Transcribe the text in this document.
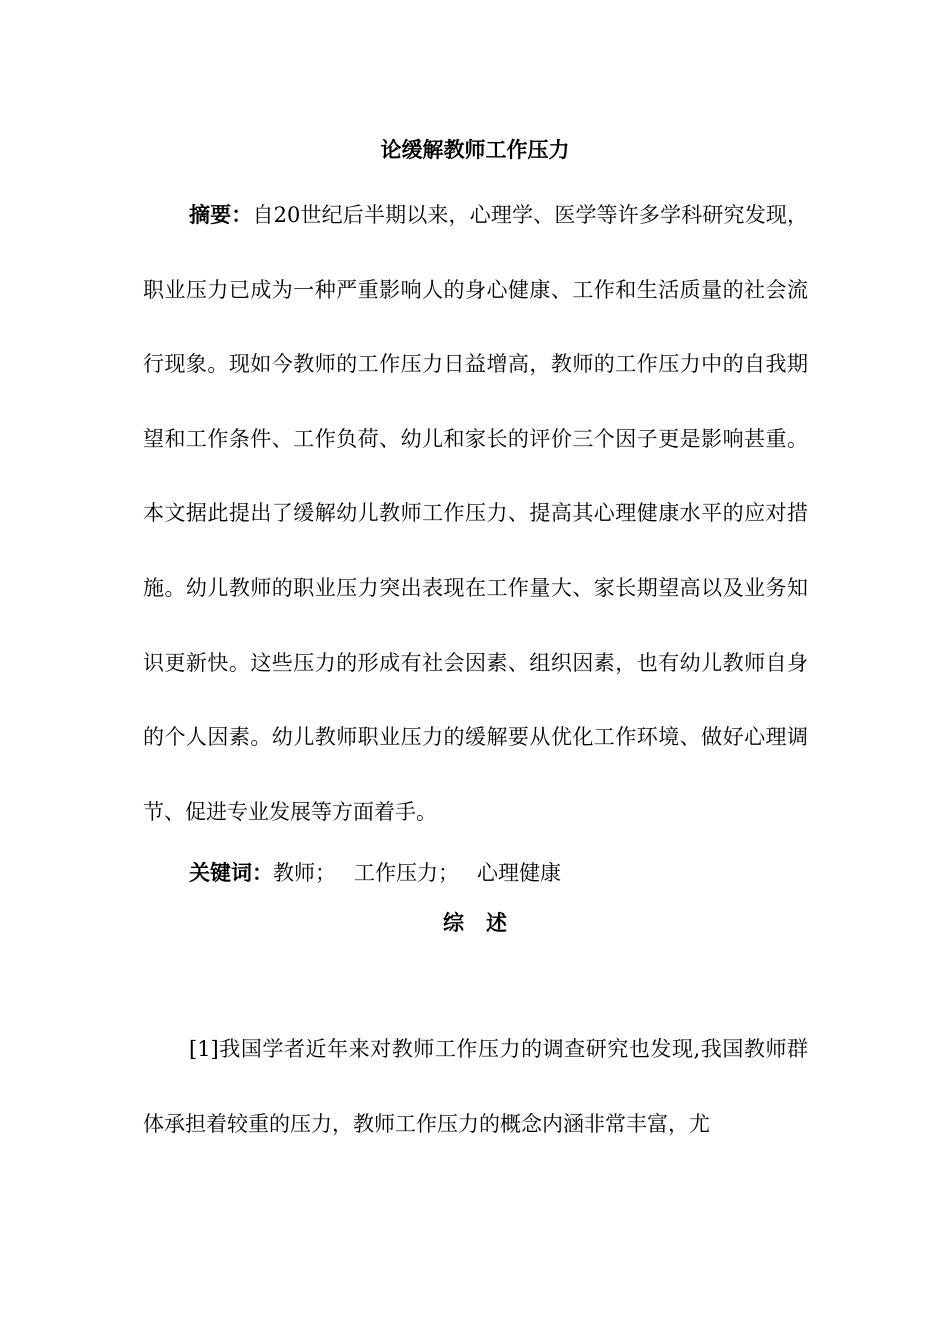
论缓解教师工作压力

摘要：自20世纪后半期以来，心理学、医学等许多学科研究发现，职业压力已成为一种严重影响人的身心健康、工作和生活质量的社会流行现象。现如今教师的工作压力日益增高，教师的工作压力中的自我期望和工作条件、工作负荷、幼儿和家长的评价三个因子更是影响甚重。本文据此提出了缓解幼儿教师工作压力、提高其心理健康水平的应对措施。幼儿教师的职业压力突出表现在工作量大、家长期望高以及业务知识更新快。这些压力的形成有社会因素、组织因素，也有幼儿教师自身的个人因素。幼儿教师职业压力的缓解要从优化工作环境、做好心理调节、促进专业发展等方面着手。

关键词：教师； 工作压力； 心理健康

综述

[1]我国学者近年来对教师工作压力的调查研究也发现,我国教师群体承担着较重的压力，教师工作压力的概念内涵非常丰富，尤
